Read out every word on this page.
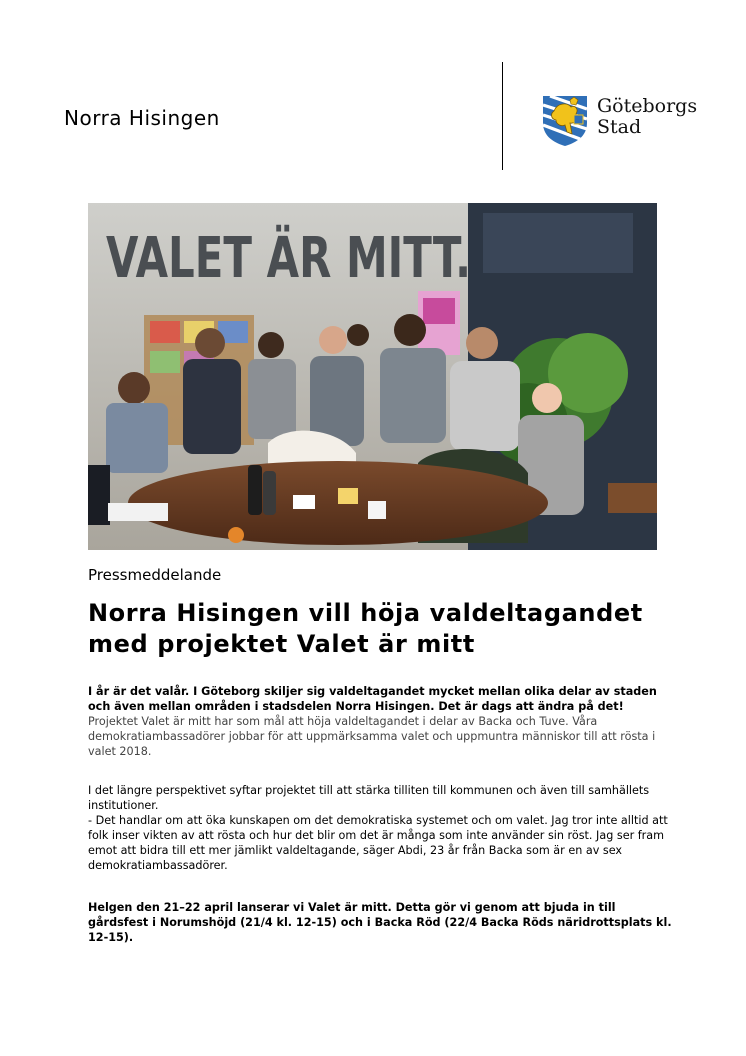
Norra Hisingen	Göteborgs
Stad
VALET ÄR MITT.
Pressmeddelande
Norra Hisingen vill höja valdeltagandet med projektet Valet är mitt
I år är det valår. I Göteborg skiljer sig valdeltagandet mycket mellan olika delar av staden och även mellan områden i stadsdelen Norra Hisingen. Det är dags att ändra på det!
Projektet Valet är mitt har som mål att höja valdeltagandet i delar av Backa och Tuve. Våra demokratiambassadörer jobbar för att uppmärksamma valet och uppmuntra människor till att rösta i valet 2018.
I det längre perspektivet syftar projektet till att stärka tilliten till kommunen och även till samhällets institutioner.
- Det handlar om att öka kunskapen om det demokratiska systemet och om valet. Jag tror inte alltid att folk inser vikten av att rösta och hur det blir om det är många som inte använder sin röst. Jag ser fram emot att bidra till ett mer jämlikt valdeltagande, säger Abdi, 23 år från Backa som är en av sex demokratiambassadörer.
Helgen den 21–22 april lanserar vi Valet är mitt. Detta gör vi genom att bjuda in till gårdsfest i Norumshöjd (21/4 kl. 12-15) och i Backa Röd (22/4 Backa Röds näridrottsplats kl. 12-15).
